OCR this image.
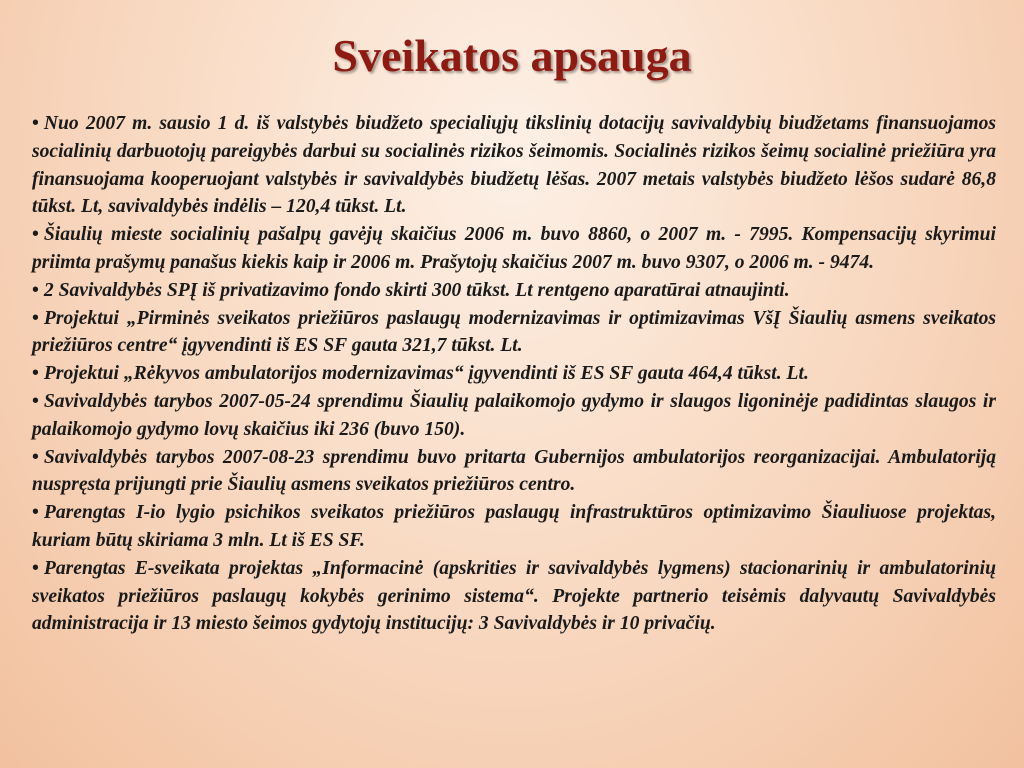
Sveikatos apsauga
• Nuo 2007 m. sausio 1 d. iš valstybės biudžeto specialiųjų tikslinių dotacijų savivaldybių biudžetams finansuojamos socialinių darbuotojų pareigybės darbui su socialinės rizikos šeimomis. Socialinės rizikos šeimų socialinė priežiūra yra finansuojama kooperuojant valstybės ir savivaldybės biudžetų lėšas. 2007 metais valstybės biudžeto lėšos sudarė 86,8 tūkst. Lt, savivaldybės indėlis – 120,4 tūkst. Lt.
• Šiaulių mieste socialinių pašalpų gavėjų skaičius 2006 m. buvo 8860, o 2007 m. - 7995. Kompensacijų skyrimui priimta prašymų panašus kiekis kaip ir 2006 m. Prašytojų skaičius 2007 m. buvo 9307, o 2006 m. - 9474.
• 2 Savivaldybės SPĮ iš privatizavimo fondo skirti 300 tūkst. Lt rentgeno aparatūrai atnaujinti.
• Projektui „Pirminės sveikatos priežiūros paslaugų modernizavimas ir optimizavimas VšĮ Šiaulių asmens sveikatos priežiūros centre“ įgyvendinti iš ES SF gauta 321,7 tūkst. Lt.
• Projektui „Rėkyvos ambulatorijos modernizavimas“ įgyvendinti iš ES SF gauta 464,4 tūkst. Lt.
• Savivaldybės tarybos 2007-05-24 sprendimu Šiaulių palaikomojo gydymo ir slaugos ligoninėje padidintas slaugos ir palaikomojo gydymo lovų skaičius iki 236 (buvo 150).
• Savivaldybės tarybos 2007-08-23 sprendimu buvo pritarta Gubernijos ambulatorijos reorganizacijai. Ambulatoriją nuspręsta prijungti prie Šiaulių asmens sveikatos priežiūros centro.
• Parengtas I-io lygio psichikos sveikatos priežiūros paslaugų infrastruktūros optimizavimo Šiauliuose projektas, kuriam būtų skiriama 3 mln. Lt iš ES SF.
• Parengtas E-sveikata projektas „Informacinė (apskrities ir savivaldybės lygmens) stacionarinių ir ambulatorinių sveikatos priežiūros paslaugų kokybės gerinimo sistema“. Projekte partnerio teisėmis dalyvautų Savivaldybės administracija ir 13 miesto šeimos gydytojų institucijų: 3 Savivaldybės ir 10 privačių.
